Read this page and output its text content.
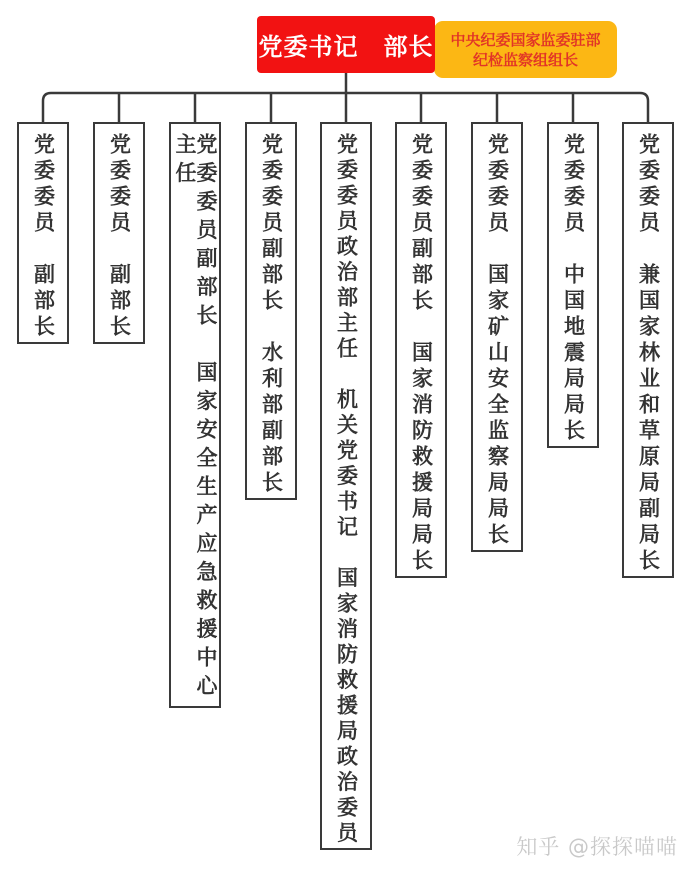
党委书记　部长 中央纪委国家监委驻部
纪检监察组组长
党委委员　副部长 党委委员　副部长	党委委员副部长　国家安全生产应急救援中心主任	党委委员副部长　水利部副部长 党委委员政治部主任　机关党委书记　国家消防救援局政治委员 党委委员副部长　国家消防救援局局长 党委委员　国家矿山安全监察局局长 党委委员　中国地震局局长 党委委员　兼国家林业和草原局副局长
知乎 @探探喵喵
